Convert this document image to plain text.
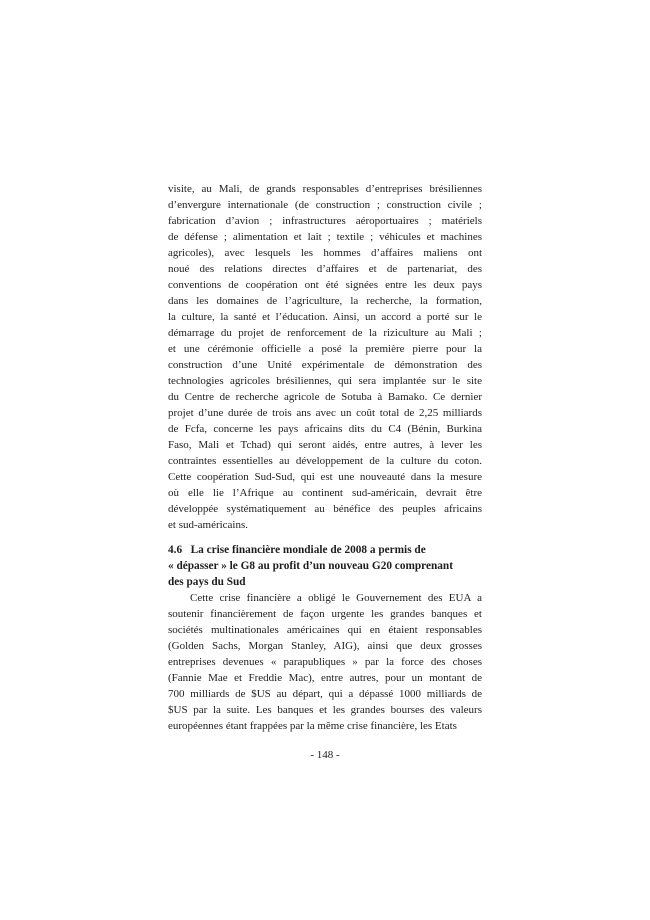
visite, au Mali, de grands responsables d’entreprises brésiliennes
d’envergure internationale (de construction ; construction civile ;
fabrication d’avion ; infrastructures aéroportuaires ; matériels
de défense ; alimentation et lait ; textile ; véhicules et machines
agricoles), avec lesquels les hommes d’affaires maliens ont
noué des relations directes d’affaires et de partenariat, des
conventions de coopération ont été signées entre les deux pays
dans les domaines de l’agriculture, la recherche, la formation,
la culture, la santé et l’éducation. Ainsi, un accord a porté sur le
démarrage du projet de renforcement de la riziculture au Mali ;
et une cérémonie officielle a posé la première pierre pour la
construction d’une Unité expérimentale de démonstration des
technologies agricoles brésiliennes, qui sera implantée sur le site
du Centre de recherche agricole de Sotuba à Bamako. Ce dernier
projet d’une durée de trois ans avec un coût total de 2,25 milliards
de Fcfa, concerne les pays africains dits du C4 (Bénin, Burkina
Faso, Mali et Tchad) qui seront aidés, entre autres, à lever les
contraintes essentielles au développement de la culture du coton.
Cette coopération Sud-Sud, qui est une nouveauté dans la mesure
où elle lie l’Afrique au continent sud-américain, devrait être
développée systématiquement au bénéfice des peuples africains
et sud-américains.
4.6   La crise financière mondiale de 2008 a permis de
« dépasser » le G8 au profit d’un nouveau G20 comprenant
des pays du Sud
Cette crise financière a obligé le Gouvernement des EUA a
soutenir financièrement de façon urgente les grandes banques et
sociétés multinationales américaines qui en étaient responsables
(Golden Sachs, Morgan Stanley, AIG), ainsi que deux grosses
entreprises devenues « parapubliques » par la force des choses
(Fannie Mae et Freddie Mac), entre autres, pour un montant de
700 milliards de $US au départ, qui a dépassé 1000 milliards de
$US par la suite. Les banques et les grandes bourses des valeurs
européennes étant frappées par la même crise financière, les Etats
- 148 -
